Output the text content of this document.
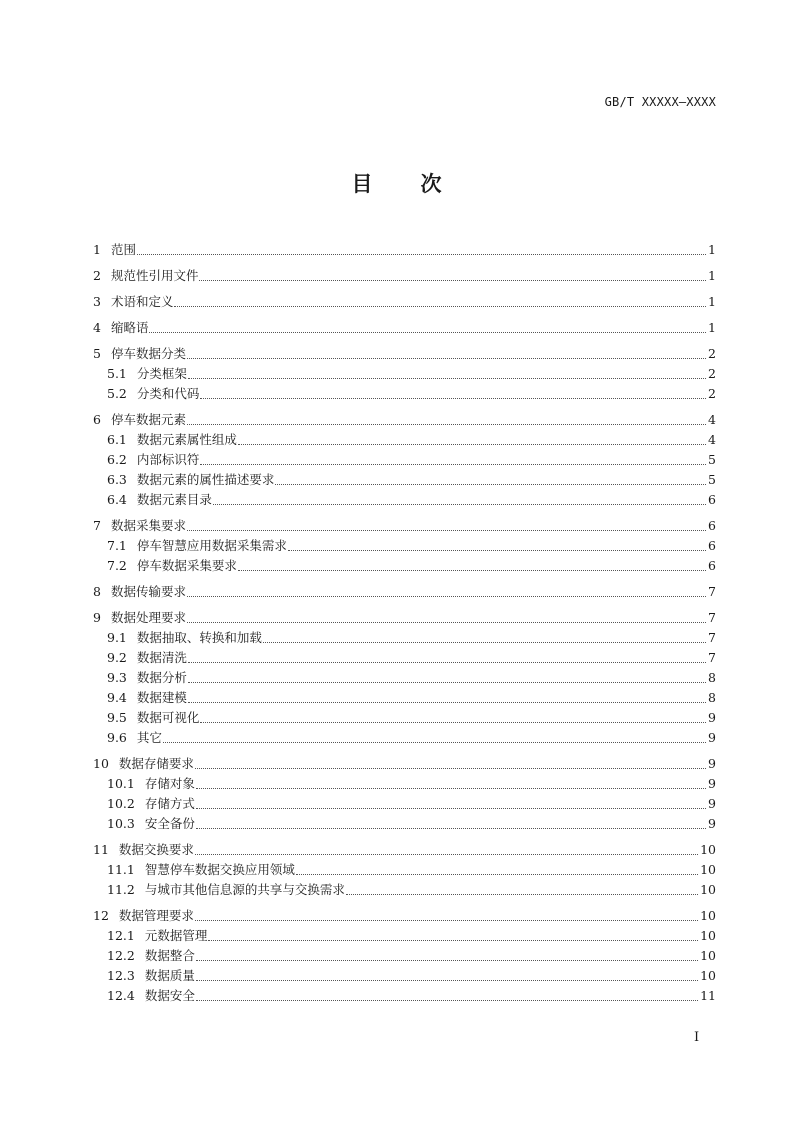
GB/T XXXXX—XXXX
目 次
1 范围	1
2 规范性引用文件	1
3 术语和定义	1
4 缩略语	1
5 停车数据分类	2
5.1 分类框架	2
5.2 分类和代码	2
6 停车数据元素	4
6.1 数据元素属性组成	4
6.2 内部标识符	5
6.3 数据元素的属性描述要求	5
6.4 数据元素目录	6
7 数据采集要求	6
7.1 停车智慧应用数据采集需求	6
7.2 停车数据采集要求	6
8 数据传输要求	7
9 数据处理要求	7
9.1 数据抽取、转换和加载	7
9.2 数据清洗	7
9.3 数据分析	8
9.4 数据建模	8
9.5 数据可视化	9
9.6 其它	9
10 数据存储要求	9
10.1 存储对象	9
10.2 存储方式	9
10.3 安全备份	9
11 数据交换要求	10
11.1 智慧停车数据交换应用领域	10
11.2 与城市其他信息源的共享与交换需求	10
12 数据管理要求	10
12.1 元数据管理	10
12.2 数据整合	10
12.3 数据质量	10
12.4 数据安全	11
I
